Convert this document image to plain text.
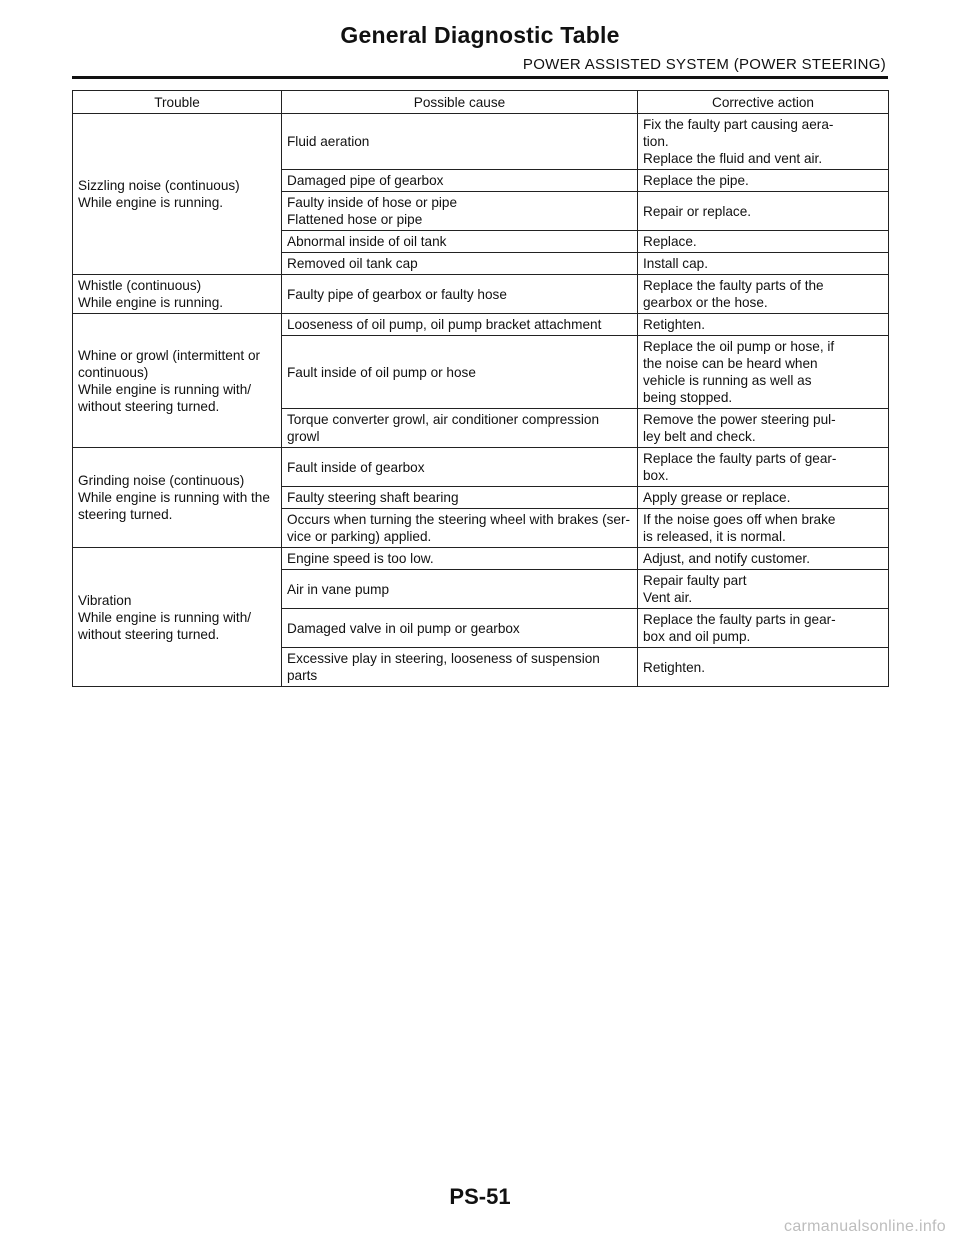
General Diagnostic Table
POWER ASSISTED SYSTEM (POWER STEERING)
Trouble	Possible cause	Corrective action
Sizzling noise (continuous)
While engine is running.	Fluid aeration	Fix the faulty part causing aera-
tion.
Replace the fluid and vent air.
	Damaged pipe of gearbox	Replace the pipe.
	Faulty inside of hose or pipe
Flattened hose or pipe	Repair or replace.
	Abnormal inside of oil tank	Replace.
	Removed oil tank cap	Install cap.
Whistle (continuous)
While engine is running.	Faulty pipe of gearbox or faulty hose	Replace the faulty parts of the
gearbox or the hose.
Whine or growl (intermittent or
continuous)
While engine is running with/
without steering turned.	Looseness of oil pump, oil pump bracket attachment	Retighten.
	Fault inside of oil pump or hose	Replace the oil pump or hose, if
the noise can be heard when
vehicle is running as well as
being stopped.
	Torque converter growl, air conditioner compression growl	Remove the power steering pul-
ley belt and check.
Grinding noise (continuous)
While engine is running with the
steering turned.	Fault inside of gearbox	Replace the faulty parts of gear-
box.
	Faulty steering shaft bearing	Apply grease or replace.
	Occurs when turning the steering wheel with brakes (ser-
vice or parking) applied.	If the noise goes off when brake
is released, it is normal.
Vibration
While engine is running with/
without steering turned.	Engine speed is too low.	Adjust, and notify customer.
	Air in vane pump	Repair faulty part
Vent air.
	Damaged valve in oil pump or gearbox	Replace the faulty parts in gear-
box and oil pump.
	Excessive play in steering, looseness of suspension parts	Retighten.
PS-51
carmanualsonline.info
